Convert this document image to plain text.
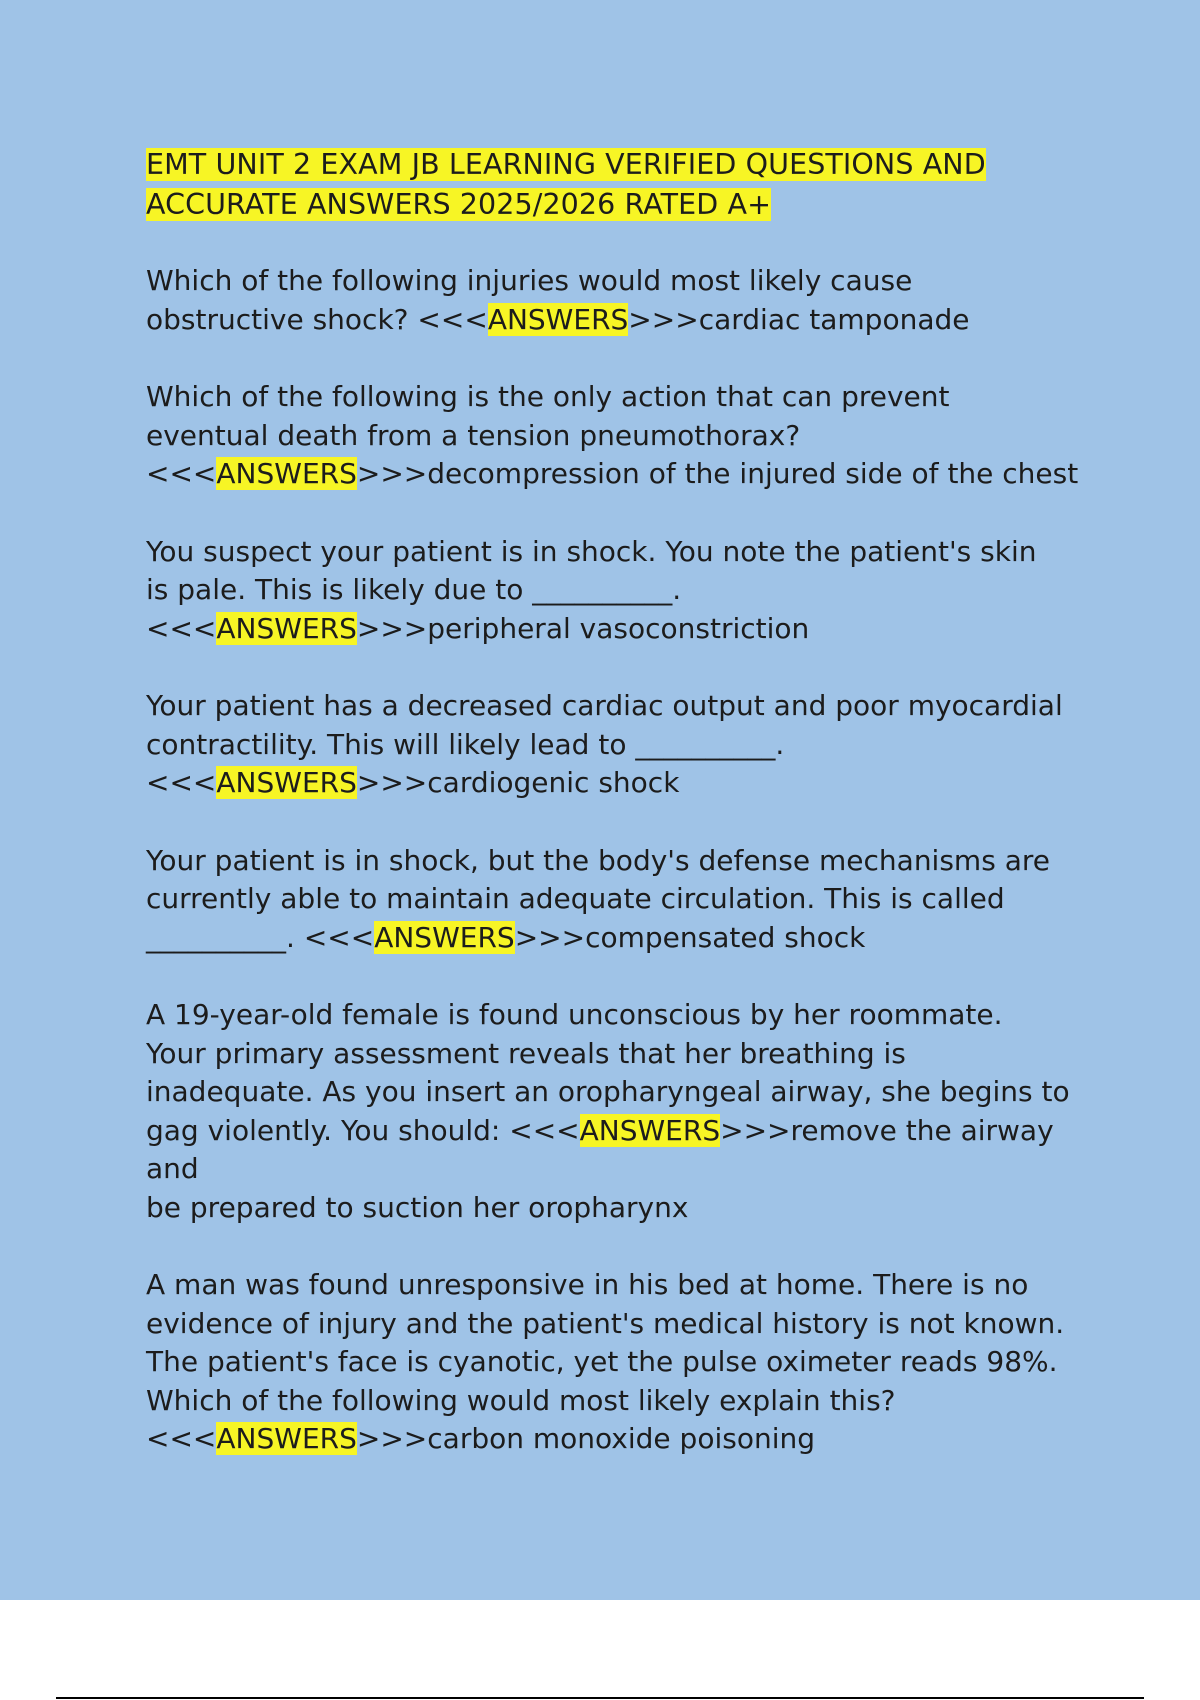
EMT UNIT 2 EXAM JB LEARNING VERIFIED QUESTIONS AND
ACCURATE ANSWERS 2025/2026 RATED A+
Which of the following injuries would most likely cause
obstructive shock? <<<ANSWERS>>>cardiac tamponade
Which of the following is the only action that can prevent
eventual death from a tension pneumothorax?
<<<ANSWERS>>>decompression of the injured side of the chest
You suspect your patient is in shock. You note the patient's skin
is pale. This is likely due to __________.
<<<ANSWERS>>>peripheral vasoconstriction
Your patient has a decreased cardiac output and poor myocardial
contractility. This will likely lead to __________.
<<<ANSWERS>>>cardiogenic shock
Your patient is in shock, but the body's defense mechanisms are
currently able to maintain adequate circulation. This is called
__________. <<<ANSWERS>>>compensated shock
A 19-year-old female is found unconscious by her roommate.
Your primary assessment reveals that her breathing is
inadequate. As you insert an oropharyngeal airway, she begins to
gag violently. You should: <<<ANSWERS>>>remove the airway and
be prepared to suction her oropharynx
A man was found unresponsive in his bed at home. There is no
evidence of injury and the patient's medical history is not known.
The patient's face is cyanotic, yet the pulse oximeter reads 98%.
Which of the following would most likely explain this?
<<<ANSWERS>>>carbon monoxide poisoning
